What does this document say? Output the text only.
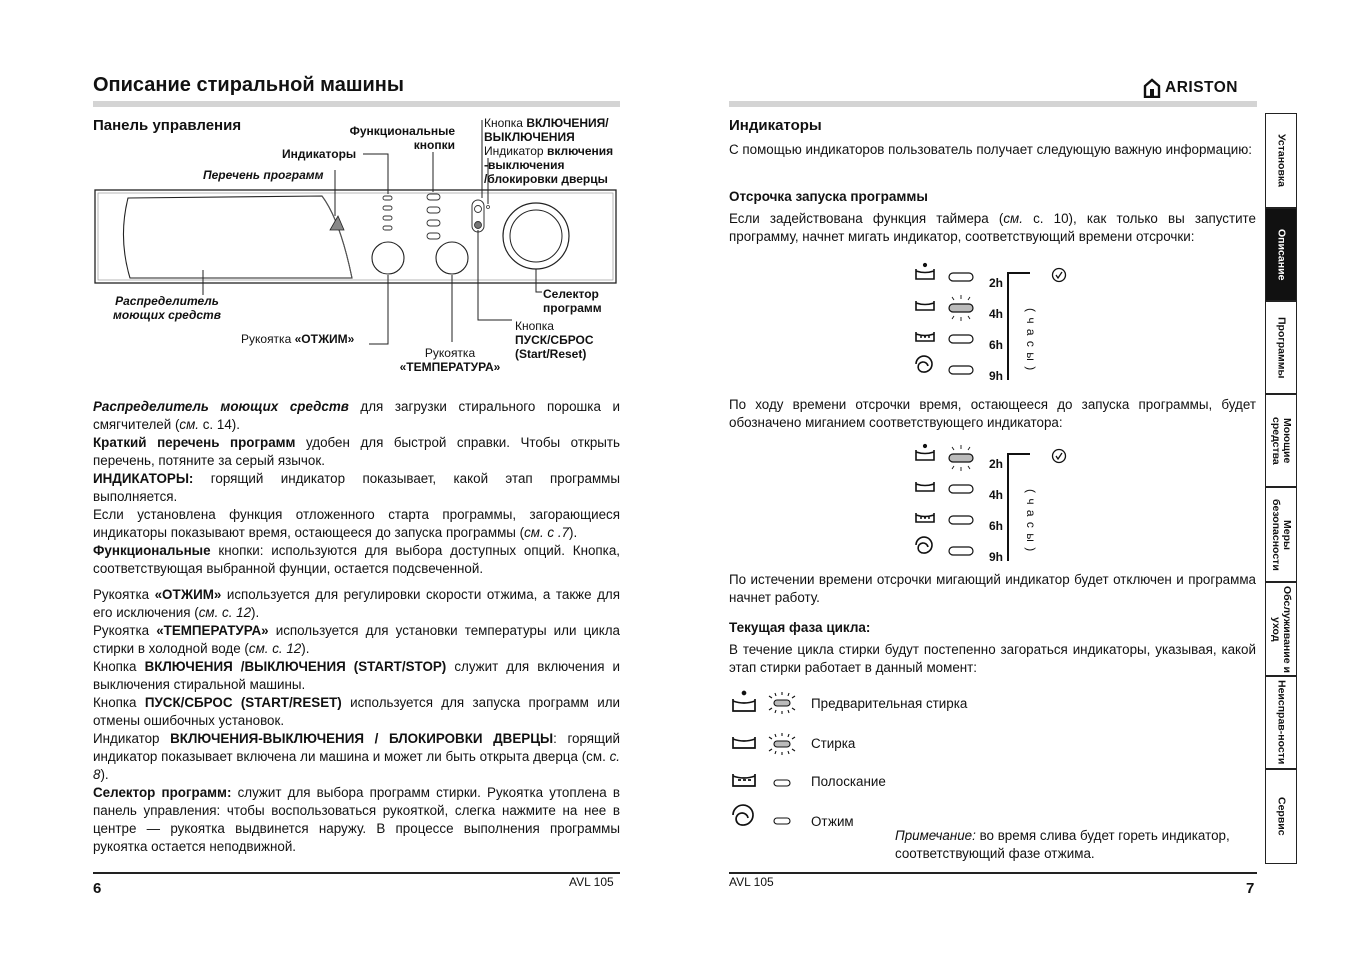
Описание стиральной машины
Панель управления	Функциональные
кнопки
Индикаторы
Перечень программ
Кнопка ВКЛЮЧЕНИЯ/
ВЫКЛЮЧЕНИЯ
Индикатор включения
-выключения
/блокировки дверцы
Распределитель
моющих средств
Селектор
программ
Рукоятка «ОТЖИМ»
Рукоятка
«ТЕМПЕРАТУРА»
Кнопка
ПУСК/СБРОС
(Start/Reset)
Распределитель моющих средств для загрузки стирального порошка и смягчителей (см. с. 14).
Краткий перечень программ удобен для быстрой справки. Чтобы открыть перечень, потяните за серый язычок.
ИНДИКАТОРЫ: горящий индикатор показывает, какой этап программы выполняется.
Если установлена функция отложенного старта программы, загорающиеся индикаторы показывают время, остающееся до запуска программы (см. с .7).
Функциональные кнопки: используются для выбора доступных опций. Кнопка, соответствующая выбранной фунции, остается подсвеченной.
Рукоятка «ОТЖИМ» используется для регулировки скорости отжима, а также для его исключения (см. с. 12).
Рукоятка «ТЕМПЕРАТУРА» используется для установки температуры или цикла стирки в холодной воде (см. с. 12).
Кнопка ВКЛЮЧЕНИЯ /ВЫКЛЮЧЕНИЯ (START/STOP) служит для включения и выключения стиральной машины.
Кнопка ПУСК/СБРОС (START/RESET) используется для запуска программ или отмены ошибочных установок.
Индикатор ВКЛЮЧЕНИЯ-ВЫКЛЮЧЕНИЯ / БЛОКИРОВКИ ДВЕРЦЫ: горящий индикатор показывает включена ли машина и может ли быть открыта дверца (см. с. 8).
Селектор программ: служит для выбора программ стирки. Рукоятка утоплена в панель управления: чтобы воспользоваться рукояткой, слегка нажмите на нее в центре — рукоятка выдвинется наружу. В процессе выполнения программы рукоятка остается неподвижной.
6	AVL 105
ARISTON
Индикаторы
С помощью индикаторов пользователь получает следующую важную информацию:
Отсрочка запуска программы
Если задействована функция таймера (см. с. 10), как только вы запустите программу, начнет мигать индикатор, соответствующий времени отсрочки:
2h
4h
6h
9h
( ч а с ы )
По ходу времени отсрочки время, остающееся до запуска программы, будет обозначено миганием соответствующего индикатора:
2h
4h
6h
9h
( ч а с ы )
По истечении времени отсрочки мигающий индикатор будет отключен и программа начнет работу.
Текущая фаза цикла:
В течение цикла стирки будут постепенно загораться индикаторы, указывая, какой этап стирки работает в данный момент:
Предварительная стирка
Стирка
Полоскание
Отжим
Примечание: во время слива будет гореть индикатор, соответствующий фазе отжима.
AVL 105	7
Установка
Описание
Программы
Моющие средства
Меры безопасности
Обслуживание и уход
Неисправ-ности
Сервис
